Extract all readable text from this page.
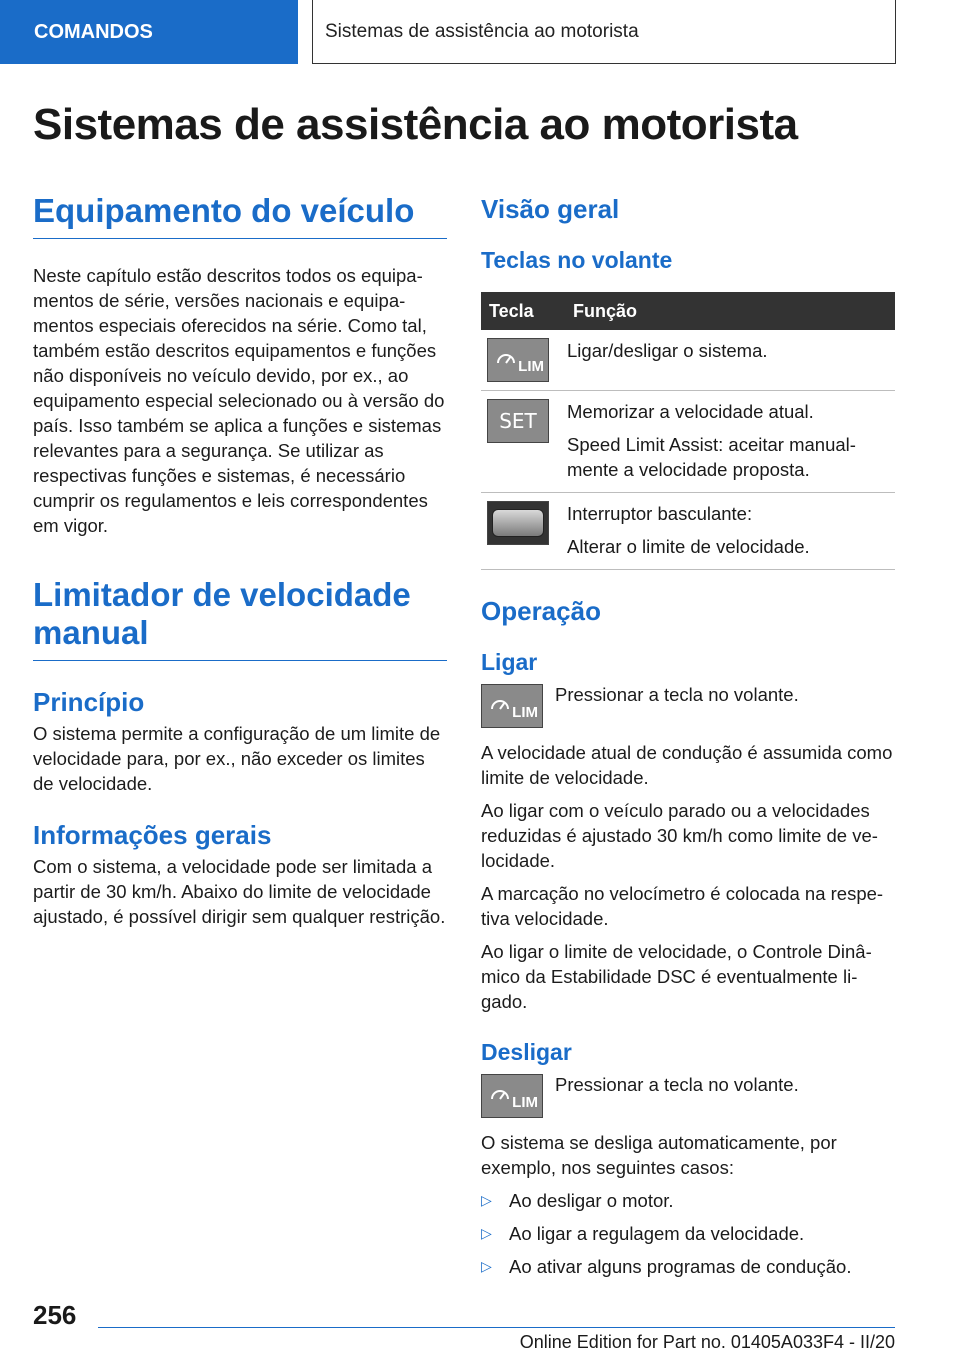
COMANDOS	Sistemas de assistência ao motorista
Sistemas de assistência ao motorista
Equipamento do veículo

Neste capítulo estão descritos todos os equipamentos de série, versões nacionais e equipamentos especiais oferecidos na série. Como tal, também estão descritos equipamentos e funções não disponíveis no veículo devido, por ex., ao equipamento especial selecionado ou à versão do país. Isso também se aplica a funções e sistemas relevantes para a segurança. Se utilizar as respectivas funções e sistemas, é necessário cumprir os regulamentos e leis correspondentes em vigor.

Limitador de velocidade manual
Princípio

O sistema permite a configuração de um limite de velocidade para, por ex., não exceder os limites de velocidade.

Informações gerais

Com o sistema, a velocidade pode ser limitada a partir de 30 km/h. Abaixo do limite de velocidade ajustado, é possível dirigir sem qualquer restrição.

Visão geral
Teclas no volante
Tecla	Função

LIM	Ligar/desligar o sistema.

SET	Memorizar a velocidade atual.

Speed Limit Assist: aceitar manualmente a velocidade proposta.

	Interruptor basculante:

Alterar o limite de velocidade.

Operação
Ligar
LIM

Pressionar a tecla no volante.

A velocidade atual de condução é assumida como limite de velocidade.

Ao ligar com o veículo parado ou a velocidades reduzidas é ajustado 30 km/h como limite de velocidade.

A marcação no velocímetro é colocada na respetiva velocidade.

Ao ligar o limite de velocidade, o Controle Dinâmico da Estabilidade DSC é eventualmente ligado.

Desligar
LIM

Pressionar a tecla no volante.

O sistema se desliga automaticamente, por exemplo, nos seguintes casos:

▷ Ao desligar o motor.
▷ Ao ligar a regulagem da velocidade.
▷ Ao ativar alguns programas de condução.
256
Online Edition for Part no. 01405A033F4 - II/20
